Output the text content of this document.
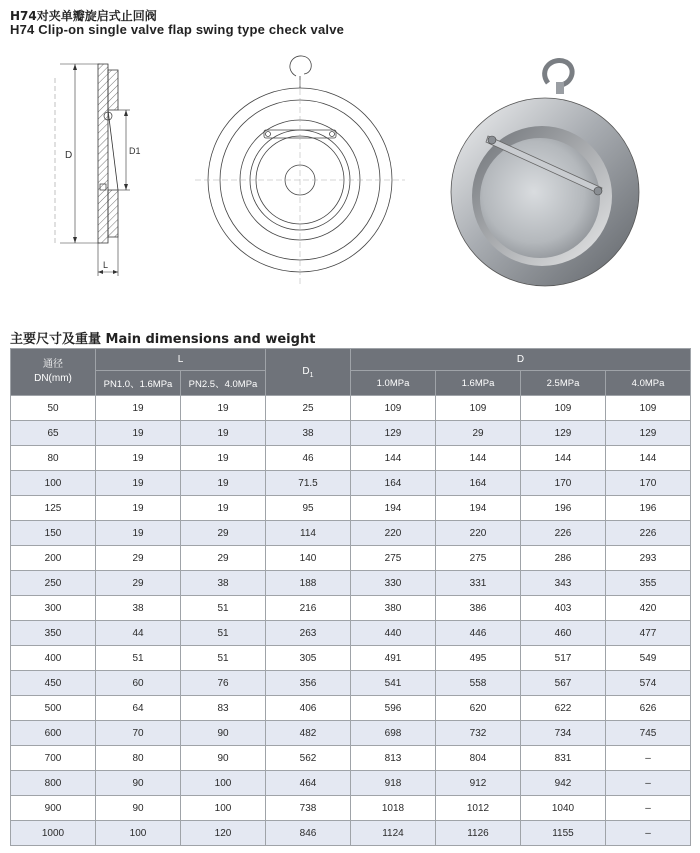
H74对夹单瓣旋启式止回阀
H74 Clip-on single valve flap swing type check valve
D	D1
L
主要尺寸及重量 Main dimensions and weight
通径
DN(mm)	L		$D_1$	D			
	PN1.0、1.6MPa	PN2.5、4.0MPa		1.0MPa	1.6MPa	2.5MPa	4.0MPa
50	19	19	25	109	109	109	109
65	19	19	38	129	29	129	129
80	19	19	46	144	144	144	144
100	19	19	71.5	164	164	170	170
125	19	19	95	194	194	196	196
150	19	29	114	220	220	226	226
200	29	29	140	275	275	286	293
250	29	38	188	330	331	343	355
300	38	51	216	380	386	403	420
350	44	51	263	440	446	460	477
400	51	51	305	491	495	517	549
450	60	76	356	541	558	567	574
500	64	83	406	596	620	622	626
600	70	90	482	698	732	734	745
700	80	90	562	813	804	831	–
800	90	100	464	918	912	942	–
900	90	100	738	1018	1012	1040	–
1000	100	120	846	1124	1126	1155	–
